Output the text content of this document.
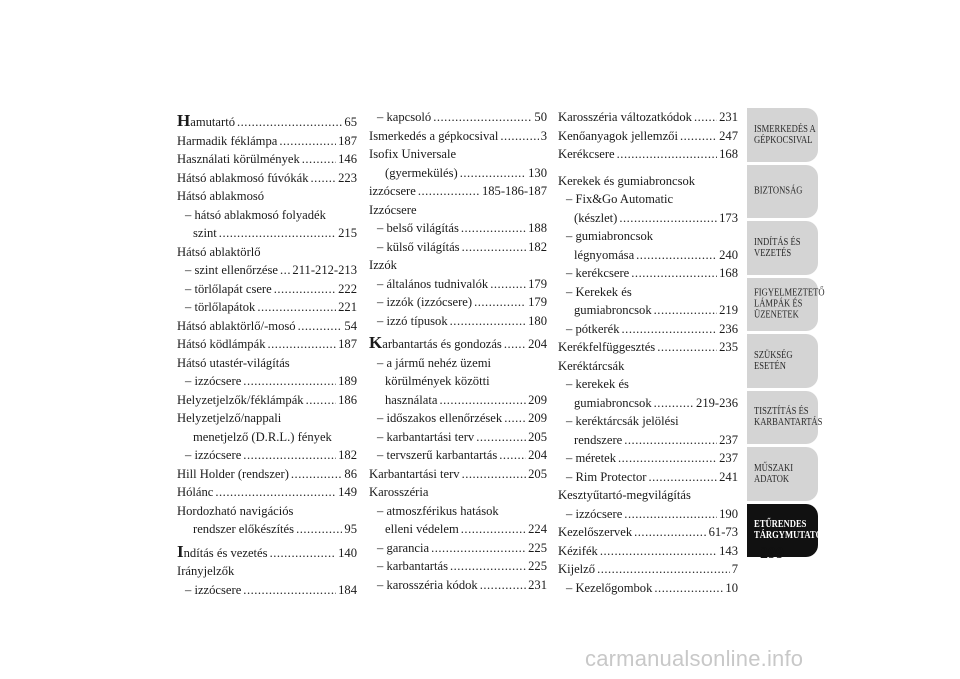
Hamutartó .....	65
Harmadik féklámpa .....	187
Használati körülmények .....	146
Hátsó ablakmosó fúvókák ..... 223
Hátsó ablakmosó
– hátsó ablakmosó folyadék
szint .....	215
Hátsó ablaktörlő
– szint ellenőrzése ..... 211-212-213
– törlőlapát csere .....	222
– törlőlapátok .....	221
Hátsó ablaktörlő/-mosó .....	54
Hátsó ködlámpák .....	187
Hátsó utastér-világítás
– izzócsere .....	189
Helyzetjelzők/féklámpák .....	186
Helyzetjelző/nappali
menetjelző (D.R.L.) fények
– izzócsere .....	182
Hill Holder (rendszer) .....	86
Hólánc .....	149
Hordozható navigációs
rendszer előkészítés .....	95
Indítás és vezetés .....	140
Irányjelzők
– izzócsere .....	184
– kapcsoló .....	50
Ismerkedés a gépkocsival .....	3
Isofix Universale
(gyermekülés) .....	130
izzócsere .....	185-186-187
Izzócsere
– belső világítás .....	188
– külső világítás .....	182
Izzók
– általános tudnivalók .....	179
– izzók (izzócsere) .....	179
– izzó típusok .....	180
Karbantartás és gondozás ..... 204
– a jármű nehéz üzemi
körülmények közötti
használata .....	209
– időszakos ellenőrzések ..... 209
– karbantartási terv .....	205
– tervszerű karbantartás ..... 204
Karbantartási terv .....	205
Karosszéria
– atmoszférikus hatások
elleni védelem .....	224
– garancia .....	225
– karbantartás .....	225
– karosszéria kódok .....	231
Karosszéria változatkódok ..... 231
Kenőanyagok jellemzői .....	247
Kerékcsere .....	168
Kerekek és gumiabroncsok
– Fix&Go Automatic
(készlet) .....	173
– gumiabroncsok
légnyomása .....	240
– kerékcsere .....	168
– Kerekek és
gumiabroncsok .....	219
– pótkerék .....	236
Kerékfelfüggesztés .....	235
Keréktárcsák
– kerekek és
gumiabroncsok .....	219-236
– keréktárcsák jelölési
rendszere .....	237
– méretek .....	237
– Rim Protector .....	241
Kesztyűtartó-megvilágítás
– izzócsere .....	190
Kezelőszervek .....	61-73
Kézifék .....	143
Kijelző .....	7
– Kezelőgombok .....	10
ISMERKEDÉS A GÉPKOCSIVAL
BIZTONSÁG
INDÍTÁS ÉS VEZETÉS
FIGYELMEZTETŐ LÁMPÁK ÉS ÜZENETEK
SZÜKSÉG ESETÉN
TISZTÍTÁS ÉS KARBANTARTÁS
MŰSZAKI ADATOK
ETŰRENDES TÁRGYMUTATÓ
299
carmanualsonline.info
